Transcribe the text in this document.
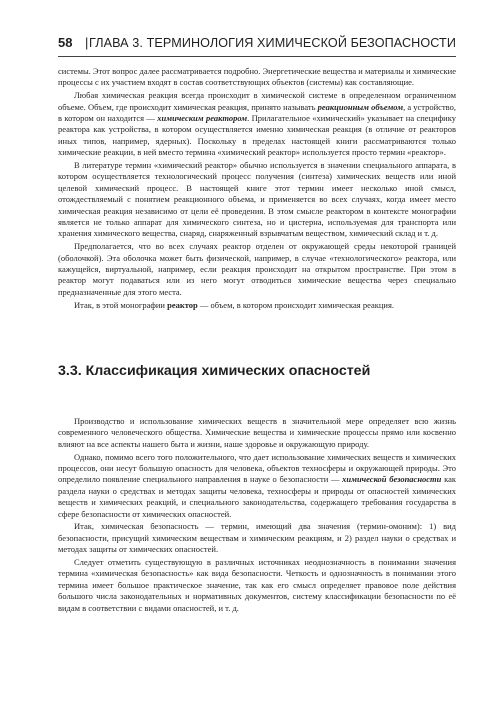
58 | ГЛАВА 3. ТЕРМИНОЛОГИЯ ХИМИЧЕСКОЙ БЕЗОПАСНОСТИ

системы. Этот вопрос далее рассматривается подробно. Энергетические вещества и материалы и химические процессы с их участием входят в состав соответствующих объектов (системы) как составляющие.

Любая химическая реакция всегда происходит в химической системе в определенном ограниченном объеме. Объем, где происходит химическая реакция, принято называть реакционным объемом, а устройство, в котором он находится — химическим реактором. Прилагательное «химический» указывает на специфику реактора как устройства, в котором осуществляется именно химическая реакция (в отличие от реакторов иных типов, например, ядерных). Поскольку в пределах настоящей книги рассматриваются только химические реакции, в ней вместо термина «химический реактор» используется просто термин «реактор».

В литературе термин «химический реактор» обычно используется в значении специального аппарата, в котором осуществляется технологический процесс получения (синтеза) химических веществ или иной целевой химический процесс. В настоящей книге этот термин имеет несколько иной смысл, отождествляемый с понятием реакционного объема, и применяется во всех случаях, когда имеет место химическая реакция независимо от цели её проведения. В этом смысле реактором в контексте монографии является не только аппарат для химического синтеза, но и цистерна, используемая для транспорта или хранения химического вещества, снаряд, снаряженный взрывчатым веществом, химический склад и т. д.

Предполагается, что во всех случаях реактор отделен от окружающей среды некоторой границей (оболочкой). Эта оболочка может быть физической, например, в случае «технологического» реактора, или кажущейся, виртуальной, например, если реакция происходит на открытом пространстве. При этом в реактор могут подаваться или из него могут отводиться химические вещества через специально предназначенные для этого места.

Итак, в этой монографии реактор — объем, в котором происходит химическая реакция.

3.3. Классификация химических опасностей

Производство и использование химических веществ в значительной мере определяет всю жизнь современного человеческого общества. Химические вещества и химические процессы прямо или косвенно влияют на все аспекты нашего быта и жизни, наше здоровье и окружающую природу.

Однако, помимо всего того положительного, что дает использование химических веществ и химических процессов, они несут большую опасность для человека, объектов техносферы и окружающей природы. Это определило появление специального направления в науке о безопасности — химической безопасности как раздела науки о средствах и методах защиты человека, техносферы и природы от опасностей химических веществ и химических реакций, и специального законодательства, содержащего требования государства в сфере безопасности от химических опасностей.

Итак, химическая безопасность — термин, имеющий два значения (термин-омоним): 1) вид безопасности, присущий химическим веществам и химическим реакциям, и 2) раздел науки о средствах и методах защиты от химических опасностей.

Следует отметить существующую в различных источниках неоднозначность в понимании значения термина «химическая безопасность» как вида безопасности. Четкость и однозначность в понимании этого термина имеет большое практическое значение, так как его смысл определяет правовое поле действия большого числа законодательных и нормативных документов, систему классификации безопасности по её видам в соответствии с видами опасностей, и т. д.
